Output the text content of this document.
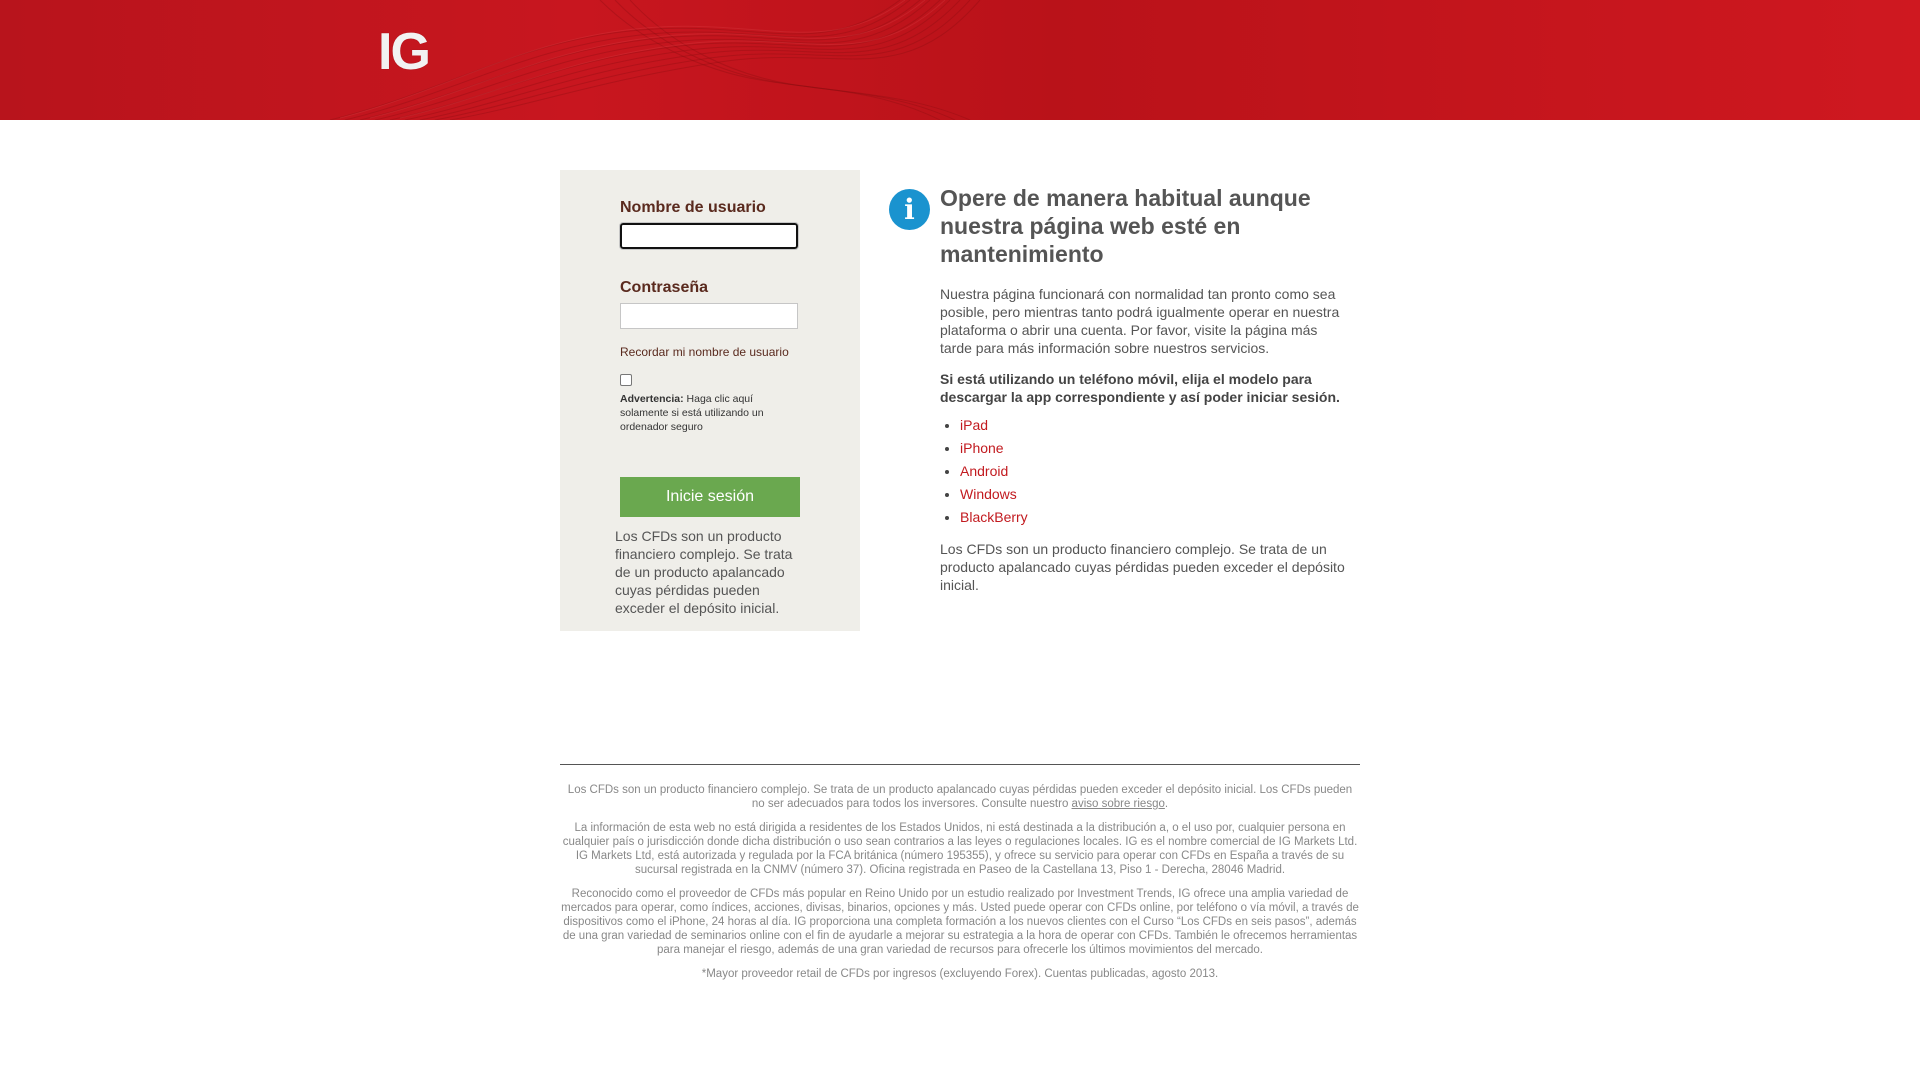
IG
Nombre de usuario
Contraseña
Recordar mi nombre de usuario
Advertencia: Haga clic aquí solamente si está utilizando un ordenador seguro
Inicie sesión
Los CFDs son un producto financiero complejo. Se trata de un producto apalancado cuyas pérdidas pueden exceder el depósito inicial.
i	Opere de manera habitual aunque nuestra página web esté en mantenimiento

Nuestra página funcionará con normalidad tan pronto como sea posible, pero mientras tanto podrá igualmente operar en nuestra plataforma o abrir una cuenta. Por favor, visite la página más tarde para más información sobre nuestros servicios.

Si está utilizando un teléfono móvil, elija el modelo para descargar la app correspondiente y así poder iniciar sesión.

• iPad
• iPhone
• Android
• Windows
• BlackBerry

Los CFDs son un producto financiero complejo. Se trata de un producto apalancado cuyas pérdidas pueden exceder el depósito inicial.

Los CFDs son un producto financiero complejo. Se trata de un producto apalancado cuyas pérdidas pueden exceder el depósito inicial. Los CFDs pueden no ser adecuados para todos los inversores. Consulte nuestro aviso sobre riesgo.

La información de esta web no está dirigida a residentes de los Estados Unidos, ni está destinada a la distribución a, o el uso por, cualquier persona en cualquier país o jurisdicción donde dicha distribución o uso sean contrarios a las leyes o regulaciones locales. IG es el nombre comercial de IG Markets Ltd. IG Markets Ltd, está autorizada y regulada por la FCA británica (número 195355), y ofrece su servicio para operar con CFDs en España a través de su sucursal registrada en la CNMV (número 37). Oficina registrada en Paseo de la Castellana 13, Piso 1 - Derecha, 28046 Madrid.

Reconocido como el proveedor de CFDs más popular en Reino Unido por un estudio realizado por Investment Trends, IG ofrece una amplia variedad de mercados para operar, como índices, acciones, divisas, binarios, opciones y más. Usted puede operar con CFDs online, por teléfono o vía móvil, a través de dispositivos como el iPhone, 24 horas al día. IG proporciona una completa formación a los nuevos clientes con el Curso “Los CFDs en seis pasos”, además de una gran variedad de seminarios online con el fin de ayudarle a mejorar su estrategia a la hora de operar con CFDs. También le ofrecemos herramientas para manejar el riesgo, además de una gran variedad de recursos para ofrecerle los últimos movimientos del mercado.

*Mayor proveedor retail de CFDs por ingresos (excluyendo Forex). Cuentas publicadas, agosto 2013.
